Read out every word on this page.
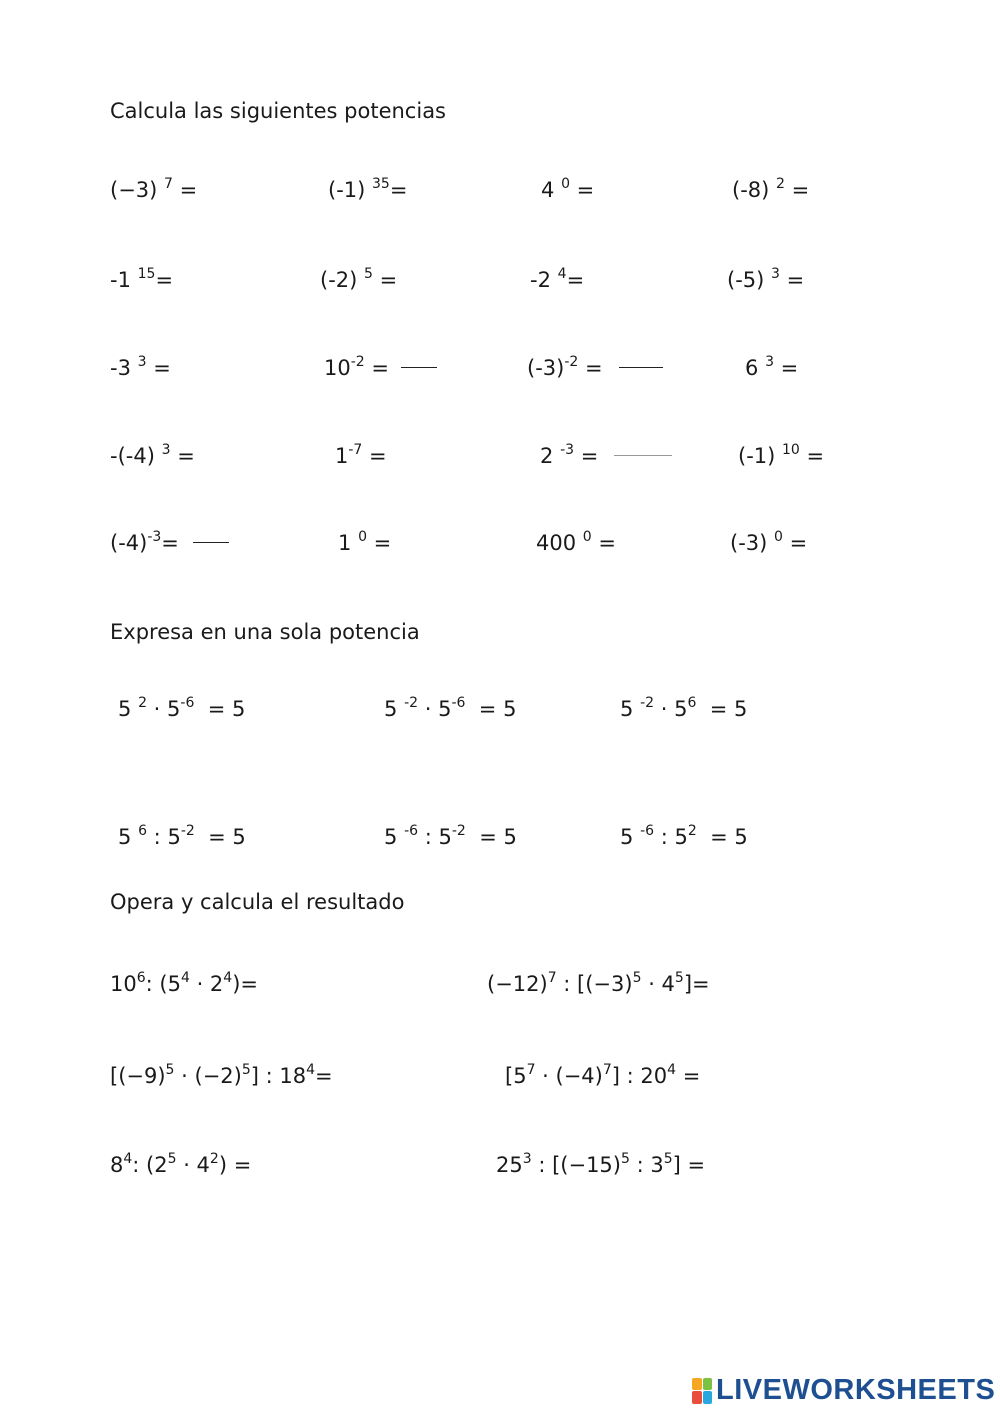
Calcula las siguientes potencias
(−3) $^7$ =	(-1) $^{35}$=	4 $^0$ =	(-8) $^2$ =
-1 $^{15}$=	(-2) $^5$ =	-2 $^4$=	(-5) $^3$ =
-3 $^3$ =	$10^{-2}$ =	$(-3)^{-2}$ =	6 $^3$ =
-(-4) $^3$ =	$1^{-7}$ =	2 $^{-3}$ =	(-1) $^{10}$ =
$(-4)^{-3}=$	1 $^0$ =	400 $^0$ =	(-3) $^0$ =
Expresa en una sola potencia
5 $^2 \cdot 5^{-6} = 5$	5 $^{-2} \cdot 5^{-6} = 5$	5 $^{-2} \cdot 5^6 = 5$
5 $^6$ : $5^{-2} = 5$	5 $^{-6}$ : $5^{-2} = 5$	5 $^{-6}$ : $5^2 = 5$
Opera y calcula el resultado
$10^6$: $(5^4 \cdot 2^4)=$	$(-12)^7$ : $[(-3)^5 \cdot 4^5]=$
$[(-9)^5 \cdot (-2)^5]$ : $18^4=$	$[5^7 \cdot (-4)^7]$ : $20^4$ =
$8^4$: $(2^5 \cdot 4^2)$ =	$25^3$ : [$(-15)^5$ : $3^5$] =
LIVEWORKSHEETS
